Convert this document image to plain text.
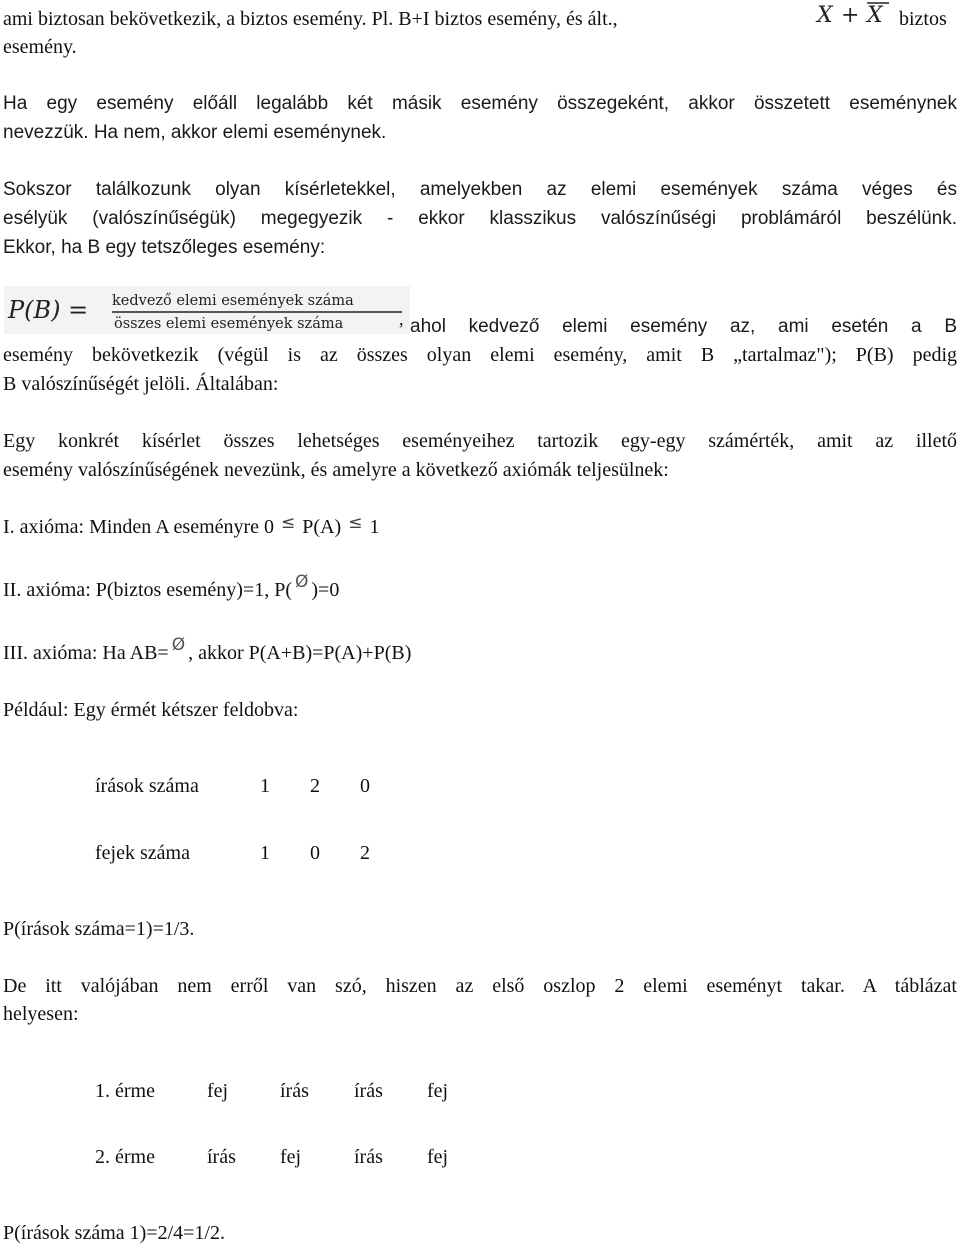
ami biztosan bekövetkezik, a biztos esemény. Pl. B+I biztos esemény, és ált.,	X + X biztos
esemény.
Ha egy esemény előáll legalább két másik esemény összegeként, akkor összetett eseménynek
nevezzük. Ha nem, akkor elemi eseménynek.
Sokszor találkozunk olyan kísérletekkel, amelyekben az elemi események száma véges és
esélyük (valószínűségük) megegyezik - ekkor klasszikus valószínűségi problámáról beszélünk.
Ekkor, ha B egy tetszőleges esemény:
P(B) = kedvező elemi események száma
összes elemi események száma	, ahol kedvező elemi esemény az, ami esetén a B
esemény bekövetkezik (végül is az összes olyan elemi esemény, amit B „tartalmaz"); P(B) pedig
B valószínűségét jelöli. Általában:
Egy konkrét kísérlet összes lehetséges eseményeihez tartozik egy-egy számérték, amit az illető
esemény valószínűségének nevezünk, és amelyre a következő axiómák teljesülnek:
I. axióma: Minden A eseményre 0 ≤ P(A) ≤ 1
II. axióma: P(biztos esemény)=1, P( Ø )=0
III. axióma: Ha AB= Ø , akkor P(A+B)=P(A)+P(B)
Például: Egy érmét kétszer feldobva:
írások száma	1 2 0
fejek száma	1 0 2
P(írások száma=1)=1/3.
De itt valójában nem erről van szó, hiszen az első oszlop 2 elemi eseményt takar. A táblázat
helyesen:
1. érme	fej	írás írás fej
2. érme	írás fej	írás fej
P(írások száma 1)=2/4=1/2.
